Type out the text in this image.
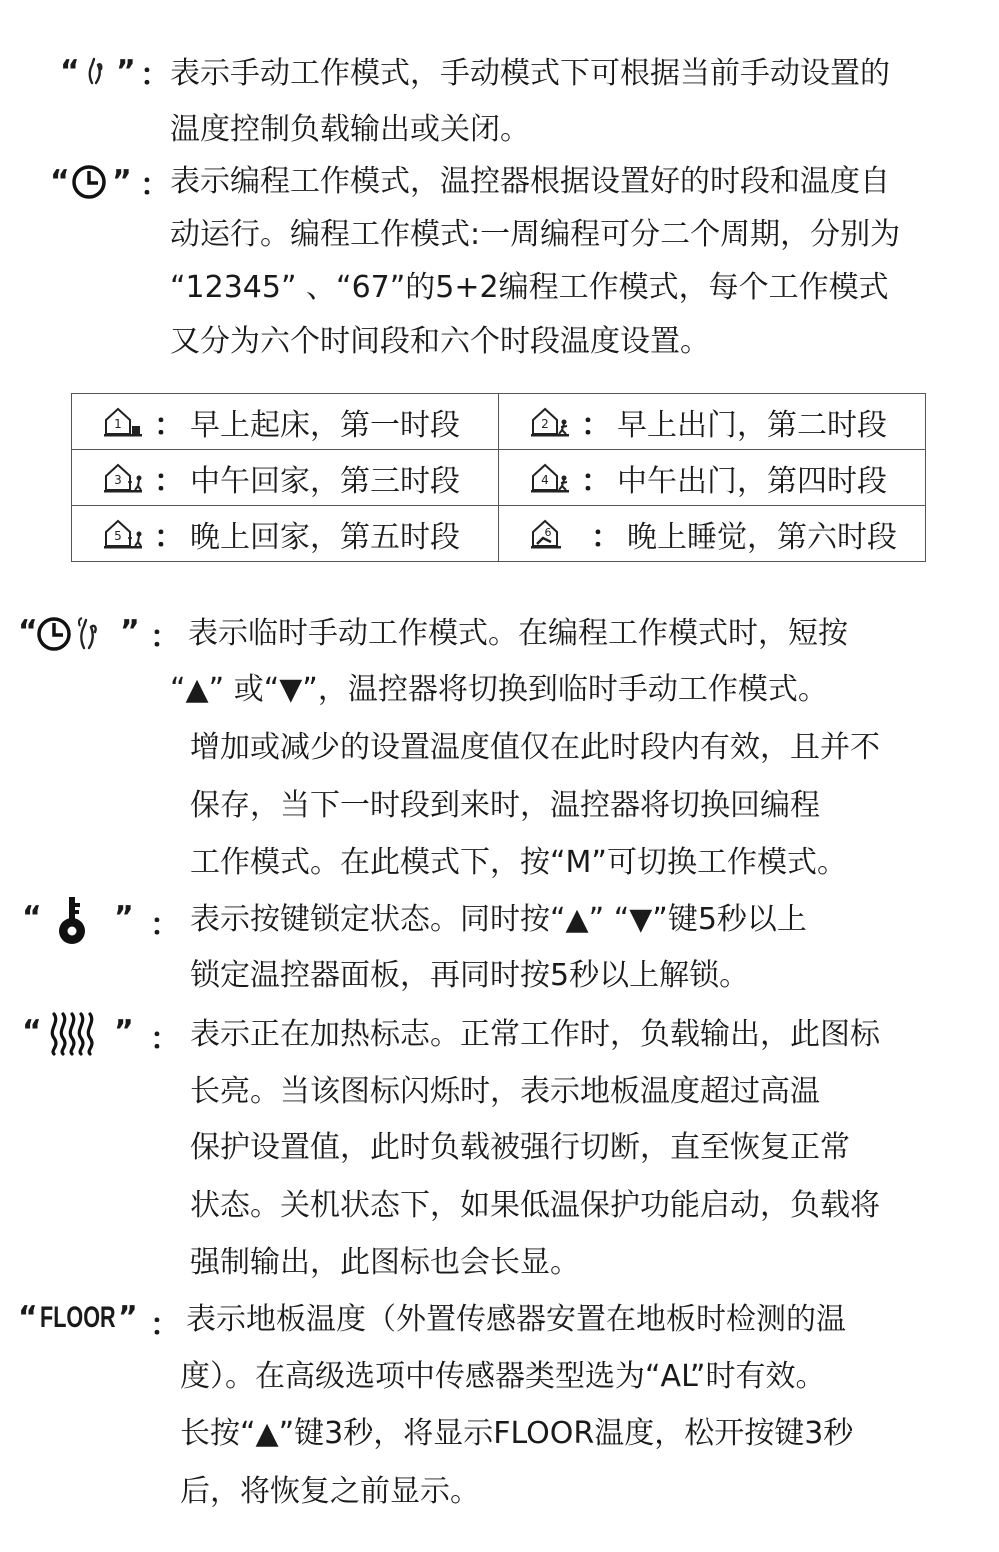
“ ” ： 表示手动工作模式，手动模式下可根据当前手动设置的
温度控制负载输出或关闭。
“ ” ： 表示编程工作模式，温控器根据设置好的时段和温度自
动运行。编程工作模式:一周编程可分二个周期，分别为
“12345” 、“67”的5+2编程工作模式，每个工作模式
又分为六个时间段和六个时段温度设置。
1 ： 早上起床，第一时段	2 ： 早上出门，第二时段

3 ： 中午回家，第三时段	4 ： 中午出门，第四时段

5 ： 晚上回家，第五时段	6 ： 晚上睡觉，第六时段
“	” ： 表示临时手动工作模式。在编程工作模式时，短按
“▲” 或“▼”，温控器将切换到临时手动工作模式。
增加或减少的设置温度值仅在此时段内有效，且并不
保存，当下一时段到来时，温控器将切换回编程
工作模式。在此模式下，按“M”可切换工作模式。
“ ” ： 表示按键锁定状态。同时按“▲” “▼”键5秒以上
锁定温控器面板，再同时按5秒以上解锁。
“ ” ： 表示正在加热标志。正常工作时，负载输出，此图标
长亮。当该图标闪烁时，表示地板温度超过高温
保护设置值，此时负载被强行切断，直至恢复正常
状态。关机状态下，如果低温保护功能启动，负载将
强制输出，此图标也会长显。
“ FLOOR ” ： 表示地板温度（外置传感器安置在地板时检测的温
度）。在高级选项中传感器类型选为“AL”时有效。
长按“▲”键3秒，将显示FLOOR温度，松开按键3秒
后，将恢复之前显示。
